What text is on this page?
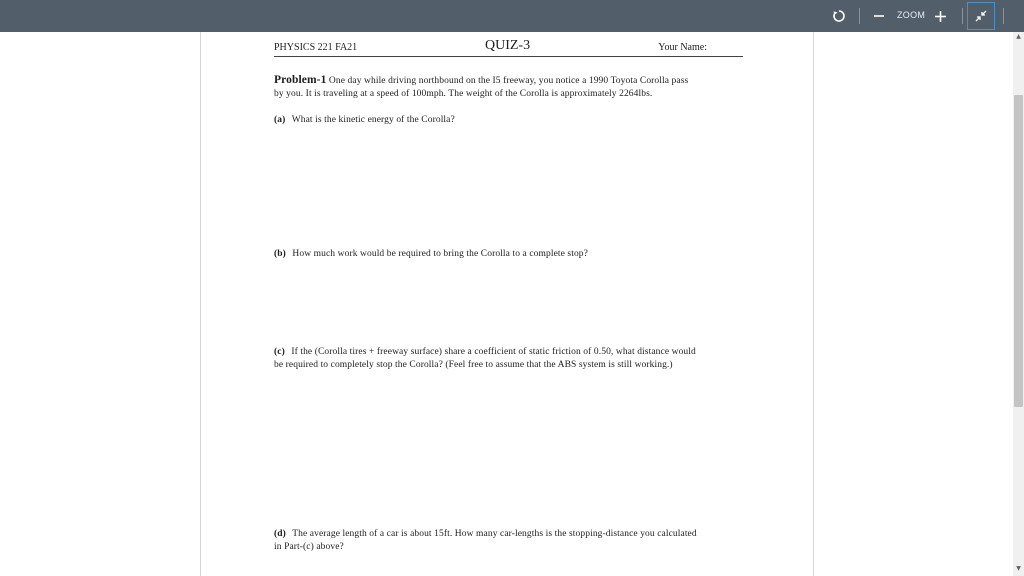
ZOOM
PHYSICS 221 FA21	QUIZ-3	Your Name:
Problem-1 One day while driving northbound on the I5 freeway, you notice a 1990 Toyota Corolla pass
by you. It is traveling at a speed of 100mph. The weight of the Corolla is approximately 2264lbs.
(a) What is the kinetic energy of the Corolla?
(b) How much work would be required to bring the Corolla to a complete stop?
(c) If the (Corolla tires + freeway surface) share a coefficient of static friction of 0.50, what distance would
be required to completely stop the Corolla? (Feel free to assume that the ABS system is still working.)
(d) The average length of a car is about 15ft. How many car-lengths is the stopping-distance you calculated
in Part-(c) above?
▲
▼
